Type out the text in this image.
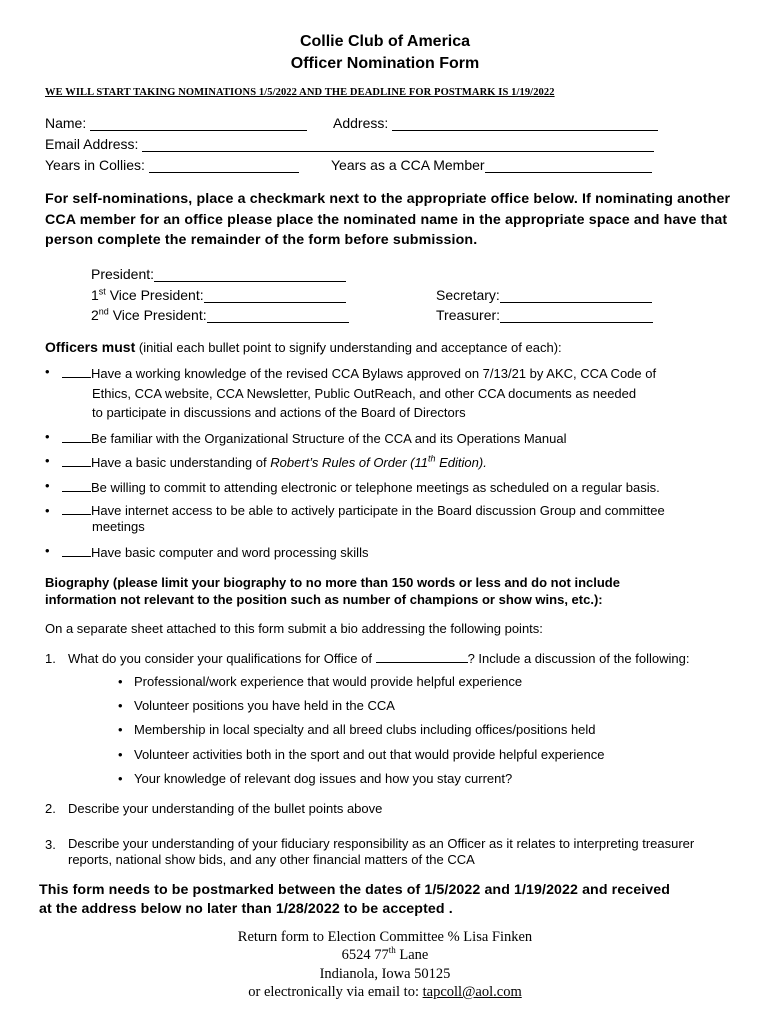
Collie Club of America
Officer Nomination Form
WE WILL START TAKING NOMINATIONS 1/5/2022 AND THE DEADLINE FOR POSTMARK IS 1/19/2022
Name:	Address:
Email Address:
Years in Collies:	Years as a CCA Member
For self-nominations, place a checkmark next to the appropriate office below. If nominating another CCA member for an office please place the nominated name in the appropriate space and have that person complete the remainder of the form before submission.
President:
1st Vice President:
2nd Vice President:
Secretary:
Treasurer:
Officers must (initial each bullet point to signify understanding and acceptance of each):
•	Have a working knowledge of the revised CCA Bylaws approved on 7/13/21 by AKC, CCA Code of
Ethics, CCA website, CCA Newsletter, Public OutReach, and other CCA documents as needed
to participate in discussions and actions of the Board of Directors
•	Be familiar with the Organizational Structure of the CCA and its Operations Manual
•	Have a basic understanding of Robert’s Rules of Order (11th Edition).
•	Be willing to commit to attending electronic or telephone meetings as scheduled on a regular basis.
•	Have internet access to be able to actively participate in the Board discussion Group and committee
meetings
•	Have basic computer and word processing skills
Biography (please limit your biography to no more than 150 words or less and do not include
information not relevant to the position such as number of champions or show wins, etc.):
On a separate sheet attached to this form submit a bio addressing the following points:
1. What do you consider your qualifications for Office of	? Include a discussion of the following:
• Professional/work experience that would provide helpful experience
• Volunteer positions you have held in the CCA
• Membership in local specialty and all breed clubs including offices/positions held
• Volunteer activities both in the sport and out that would provide helpful experience
• Your knowledge of relevant dog issues and how you stay current?
2. Describe your understanding of the bullet points above
3. Describe your understanding of your fiduciary responsibility as an Officer as it relates to interpreting treasurer
reports, national show bids, and any other financial matters of the CCA
This form needs to be postmarked between the dates of 1/5/2022 and 1/19/2022 and received
at the address below no later than 1/28/2022 to be accepted .
Return form to Election Committee % Lisa Finken
6524 77th Lane
Indianola, Iowa 50125
or electronically via email to: tapcoll@aol.com
